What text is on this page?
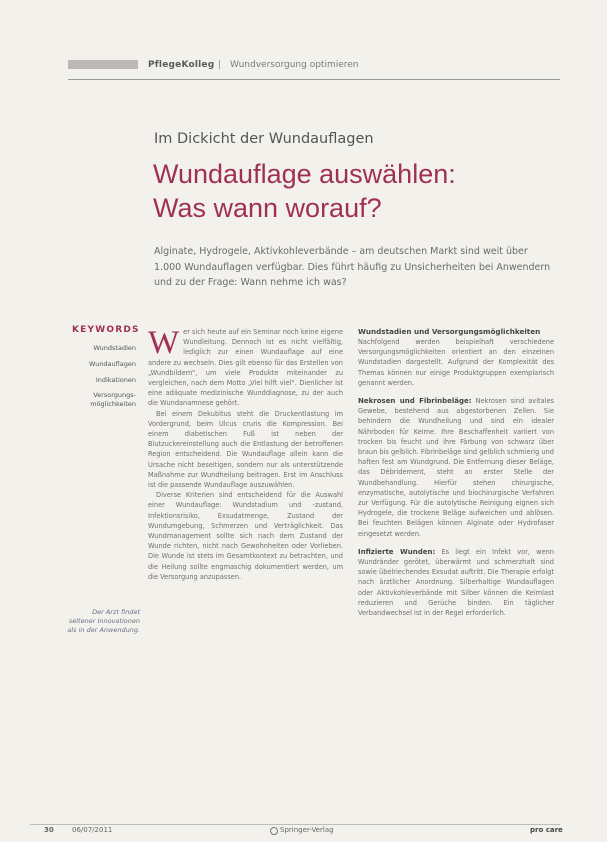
PflegeKolleg | Wundversorgung optimieren
Im Dickicht der Wundauflagen
Wundauflage auswählen:
Was wann worauf?

Alginate, Hydrogele, Aktivkohleverbände – am deutschen Markt sind weit über 1.000 Wundauflagen verfügbar. Dies führt häufig zu Unsicherheiten bei Anwendern und zu der Frage: Wann nehme ich was?

KEYWORDS
Wundstadien
Wundauflagen
Indikationen
Versorgungs-
möglichkeiten
Der Arzt findet seltener Innovationen als in der Anwendung.
W er sich heute auf ein Seminar noch keine eigene Wundleitung. Dennoch ist es nicht vielfältig, lediglich zur einen Wundauflage auf eine andere zu wechseln. Dies gilt ebenso für das Erstellen von „Wundbildern“, um viele Produkte miteinander zu vergleichen, nach dem Motto „Viel hilft viel“. Dienlicher ist eine adäquate medizinische Wunddiagnose, zu der auch die Wundanamnese gehört.

Bei einem Dekubitus steht die Druckentlastung im Vordergrund, beim Ulcus cruris die Kompression. Bei einem diabetischen Fuß ist neben der Blutzuckereinstellung auch die Entlastung der betroffenen Region entscheidend. Die Wundauflage allein kann die Ursache nicht beseitigen, sondern nur als unterstützende Maßnahme zur Wundheilung beitragen. Erst im Anschluss ist die passende Wundauflage auszuwählen.

Diverse Kriterien sind entscheidend für die Auswahl einer Wundauflage: Wundstadium und -zustand, Infektionsrisiko, Exsudatmenge, Zustand der Wundumgebung, Schmerzen und Verträglichkeit. Das Wundmanagement sollte sich nach dem Zustand der Wunde richten, nicht nach Gewohnheiten oder Vorlieben. Die Wunde ist stets im Gesamtkontext zu betrachten, und die Heilung sollte engmaschig dokumentiert werden, um die Versorgung anzupassen.

Wundstadien und Versorgungsmöglichkeiten

Nachfolgend werden beispielhaft verschiedene Versorgungsmöglichkeiten orientiert an den einzelnen Wundstadien dargestellt. Aufgrund der Komplexität des Themas können nur einige Produktgruppen exemplarisch genannt werden.

Nekrosen und Fibrinbeläge: Nekrosen sind avitales Gewebe, bestehend aus abgestorbenen Zellen. Sie behindern die Wundheilung und sind ein idealer Nährboden für Keime. Ihre Beschaffenheit variiert von trocken bis feucht und ihre Färbung von schwarz über braun bis gelblich. Fibrinbeläge sind gelblich schmierig und haften fest am Wundgrund. Die Entfernung dieser Beläge, das Débridement, steht an erster Stelle der Wundbehandlung. Hierfür stehen chirurgische, enzymatische, autolytische und biochirurgische Verfahren zur Verfügung. Für die autolytische Reinigung eignen sich Hydrogele, die trockene Beläge aufweichen und ablösen. Bei feuchten Belägen können Alginate oder Hydrofaser eingesetzt werden.

Infizierte Wunden: Es liegt ein Infekt vor, wenn Wundränder gerötet, überwärmt und schmerzhaft sind sowie übelriechendes Exsudat auftritt. Die Therapie erfolgt nach ärztlicher Anordnung. Silberhaltige Wundauflagen oder Aktivkohleverbände mit Silber können die Keimlast reduzieren und Gerüche binden. Ein täglicher Verbandwechsel ist in der Regel erforderlich.

30	06/07/2011	Springer-Verlag	pro care
